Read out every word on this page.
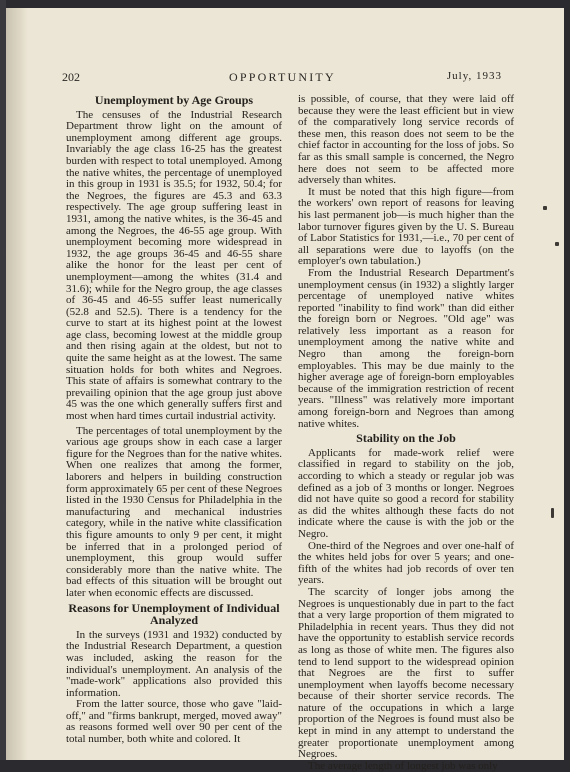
202	OPPORTUNITY	July, 1933
Unemployment by Age Groups

The censuses of the Industrial Research Department throw light on the amount of unemployment among different age groups. Invariably the age class 16-25 has the greatest burden with respect to total unemployed. Among the native whites, the percentage of unemployed in this group in 1931 is 35.5; for 1932, 50.4; for the Negroes, the figures are 45.3 and 63.3 respectively. The age group suffering least in 1931, among the native whites, is the 36-45 and among the Negroes, the 46-55 age group. With unemployment becoming more widespread in 1932, the age groups 36-45 and 46-55 share alike the honor for the least per cent of unemployment—among the whites (31.4 and 31.6); while for the Negro group, the age classes of 36-45 and 46-55 suffer least numerically (52.8 and 52.5). There is a tendency for the curve to start at its highest point at the lowest age class, becoming lowest at the middle group and then rising again at the oldest, but not to quite the same height as at the lowest. The same situation holds for both whites and Negroes. This state of affairs is somewhat contrary to the prevailing opinion that the age group just above 45 was the one which generally suffers first and most when hard times curtail industrial activity.

The percentages of total unemployment by the various age groups show in each case a larger figure for the Negroes than for the native whites. When one realizes that among the former, laborers and helpers in building construction form approximately 65 per cent of these Negroes listed in the 1930 Census for Philadelphia in the manufacturing and mechanical industries category, while in the native white classification this figure amounts to only 9 per cent, it might be inferred that in a prolonged period of unemployment, this group would suffer considerably more than the native white. The bad effects of this situation will be brought out later when economic effects are discussed.

Reasons for Unemployment of Individual Analyzed

In the surveys (1931 and 1932) conducted by the Industrial Research Department, a question was included, asking the reason for the individual's unemployment. An analysis of the "made-work" applications also provided this information.

From the latter source, those who gave "laid-off," and "firms bankrupt, merged, moved away" as reasons formed well over 90 per cent of the total number, both white and colored. It

is possible, of course, that they were laid off because they were the least efficient but in view of the comparatively long service records of these men, this reason does not seem to be the chief factor in accounting for the loss of jobs. So far as this small sample is concerned, the Negro here does not seem to be affected more adversely than whites.

It must be noted that this high figure—from the workers' own report of reasons for leaving his last permanent job—is much higher than the labor turnover figures given by the U. S. Bureau of Labor Statistics for 1931,—i.e., 70 per cent of all separations were due to layoffs (on the employer's own tabulation.)

From the Industrial Research Department's unemployment census (in 1932) a slightly larger percentage of unemployed native whites reported "inability to find work" than did either the foreign born or Negroes. "Old age" was relatively less important as a reason for unemployment among the native white and Negro than among the foreign-born employables. This may be due mainly to the higher average age of foreign-born employables because of the immigration restriction of recent years. "Illness" was relatively more important among foreign-born and Negroes than among native whites.

Stability on the Job

Applicants for made-work relief were classified in regard to stability on the job, according to which a steady or regular job was defined as a job of 3 months or longer. Negroes did not have quite so good a record for stability as did the whites although these facts do not indicate where the cause is with the job or the Negro.

One-third of the Negroes and over one-half of the whites held jobs for over 5 years; and one-fifth of the whites had job records of over ten years.

The scarcity of longer jobs among the Negroes is unquestionably due in part to the fact that a very large proportion of them migrated to Philadelphia in recent years. Thus they did not have the opportunity to establish service records as long as those of white men. The figures also tend to lend support to the widespread opinion that Negroes are the first to suffer unemployment when layoffs become necessary because of their shorter service records. The nature of the occupations in which a large proportion of the Negroes is found must also be kept in mind in any attempt to understand the greater proportionate unemployment among Negroes.

The average length of longest job was only
